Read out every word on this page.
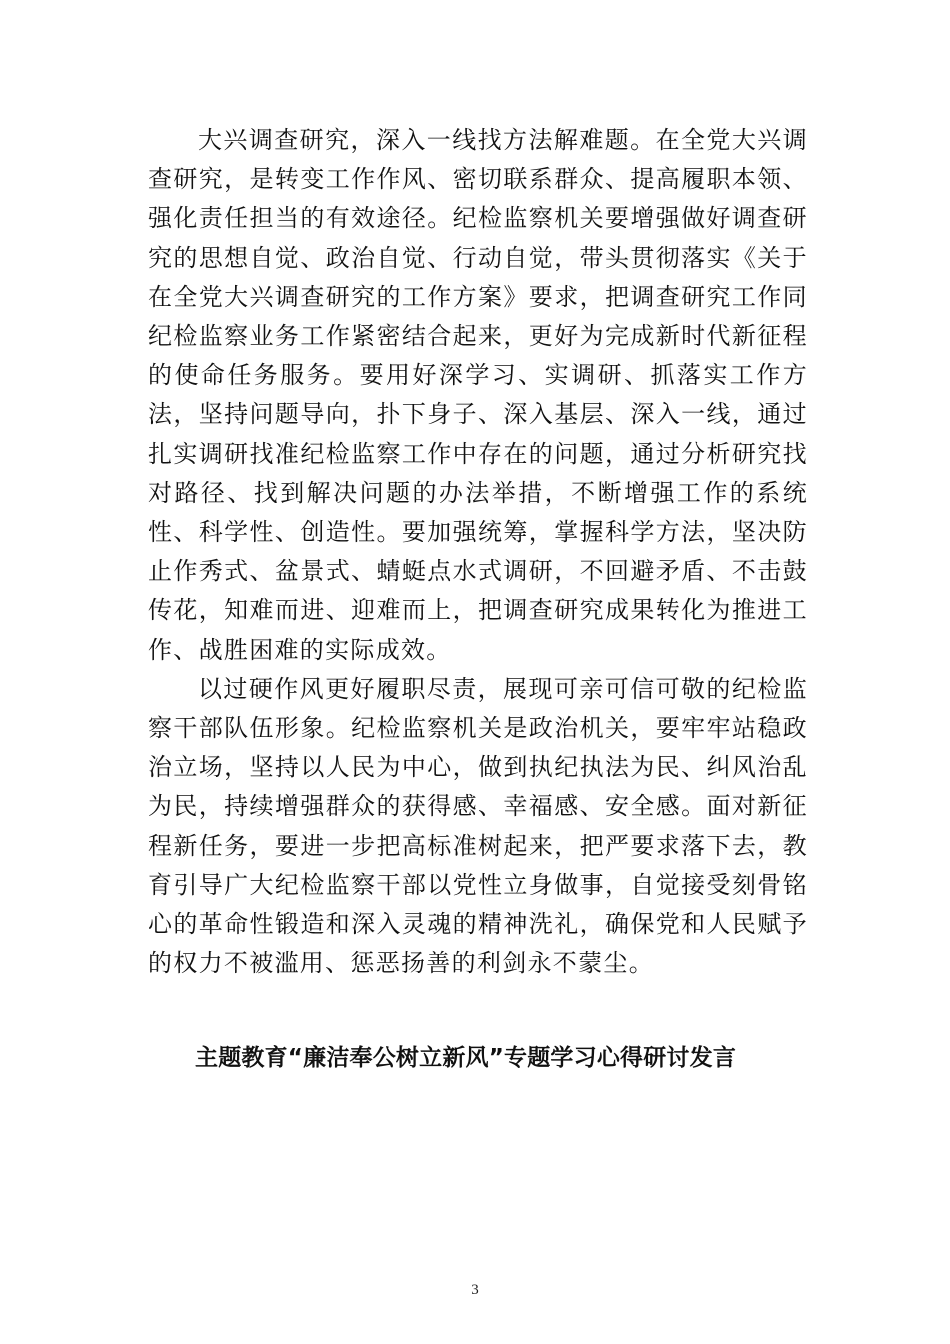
大兴调查研究，深入一线找方法解难题。在全党大兴调查研究，是转变工作作风、密切联系群众、提高履职本领、强化责任担当的有效途径。纪检监察机关要增强做好调查研究的思想自觉、政治自觉、行动自觉，带头贯彻落实《关于在全党大兴调查研究的工作方案》要求，把调查研究工作同纪检监察业务工作紧密结合起来，更好为完成新时代新征程的使命任务服务。要用好深学习、实调研、抓落实工作方法，坚持问题导向，扑下身子、深入基层、深入一线，通过扎实调研找准纪检监察工作中存在的问题，通过分析研究找对路径、找到解决问题的办法举措，不断增强工作的系统性、科学性、创造性。要加强统筹，掌握科学方法，坚决防止作秀式、盆景式、蜻蜓点水式调研，不回避矛盾、不击鼓传花，知难而进、迎难而上，把调查研究成果转化为推进工作、战胜困难的实际成效。

以过硬作风更好履职尽责，展现可亲可信可敬的纪检监察干部队伍形象。纪检监察机关是政治机关，要牢牢站稳政治立场，坚持以人民为中心，做到执纪执法为民、纠风治乱为民，持续增强群众的获得感、幸福感、安全感。面对新征程新任务，要进一步把高标准树起来，把严要求落下去，教育引导广大纪检监察干部以党性立身做事，自觉接受刻骨铭心的革命性锻造和深入灵魂的精神洗礼，确保党和人民赋予的权力不被滥用、惩恶扬善的利剑永不蒙尘。

主题教育“廉洁奉公树立新风”专题学习心得研讨发言
3
